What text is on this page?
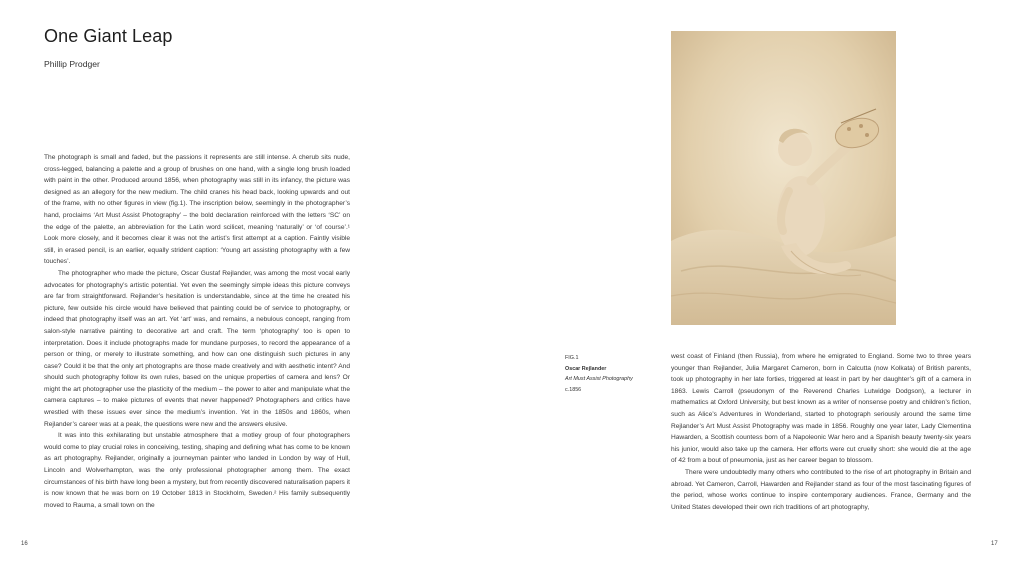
One Giant Leap
Phillip Prodger

The photograph is small and faded, but the passions it represents are still intense. A cherub sits nude, cross-legged, balancing a palette and a group of brushes on one hand, with a single long brush loaded with paint in the other. Produced around 1856, when photography was still in its infancy, the picture was designed as an allegory for the new medium. The child cranes his head back, looking upwards and out of the frame, with no other figures in view (fig.1). The inscription below, seemingly in the photographer’s hand, proclaims ‘Art Must Assist Photography’ – the bold declaration reinforced with the letters ‘SC’ on the edge of the palette, an abbreviation for the Latin word scilicet, meaning ‘naturally’ or ‘of course’.¹ Look more closely, and it becomes clear it was not the artist’s first attempt at a caption. Faintly visible still, in erased pencil, is an earlier, equally strident caption: ‘Young art assisting photography with a few touches’.

The photographer who made the picture, Oscar Gustaf Rejlander, was among the most vocal early advocates for photography’s artistic potential. Yet even the seemingly simple ideas this picture conveys are far from straightforward. Rejlander’s hesitation is understandable, since at the time he created his picture, few outside his circle would have believed that painting could be of service to photography, or indeed that photography itself was an art. Yet ‘art’ was, and remains, a nebulous concept, ranging from salon-style narrative painting to decorative art and craft. The term ‘photography’ too is open to interpretation. Does it include photographs made for mundane purposes, to record the appearance of a person or thing, or merely to illustrate something, and how can one distinguish such pictures in any case? Could it be that the only art photographs are those made creatively and with aesthetic intent? And should such photography follow its own rules, based on the unique properties of camera and lens? Or might the art photographer use the plasticity of the medium – the power to alter and manipulate what the camera captures – to make pictures of events that never happened? Photographers and critics have wrestled with these issues ever since the medium’s invention. Yet in the 1850s and 1860s, when Rejlander’s career was at a peak, the questions were new and the answers elusive.

It was into this exhilarating but unstable atmosphere that a motley group of four photographers would come to play crucial roles in conceiving, testing, shaping and defining what has come to be known as art photography. Rejlander, originally a journeyman painter who landed in London by way of Hull, Lincoln and Wolverhampton, was the only professional photographer among them. The exact circumstances of his birth have long been a mystery, but from recently discovered naturalisation papers it is now known that he was born on 19 October 1813 in Stockholm, Sweden.² His family subsequently moved to Rauma, a small town on the

FIG.1
Oscar Rejlander
Art Must Assist Photography
c.1856

west coast of Finland (then Russia), from where he emigrated to England. Some two to three years younger than Rejlander, Julia Margaret Cameron, born in Calcutta (now Kolkata) of British parents, took up photography in her late forties, triggered at least in part by her daughter’s gift of a camera in 1863. Lewis Carroll (pseudonym of the Reverend Charles Lutwidge Dodgson), a lecturer in mathematics at Oxford University, but best known as a writer of nonsense poetry and children’s fiction, such as Alice’s Adventures in Wonderland, started to photograph seriously around the same time Rejlander’s Art Must Assist Photography was made in 1856. Roughly one year later, Lady Clementina Hawarden, a Scottish countess born of a Napoleonic War hero and a Spanish beauty twenty-six years his junior, would also take up the camera. Her efforts were cut cruelly short: she would die at the age of 42 from a bout of pneumonia, just as her career began to blossom.

There were undoubtedly many others who contributed to the rise of art photography in Britain and abroad. Yet Cameron, Carroll, Hawarden and Rejlander stand as four of the most fascinating figures of the period, whose works continue to inspire contemporary audiences. France, Germany and the United States developed their own rich traditions of art photography,

16	17
